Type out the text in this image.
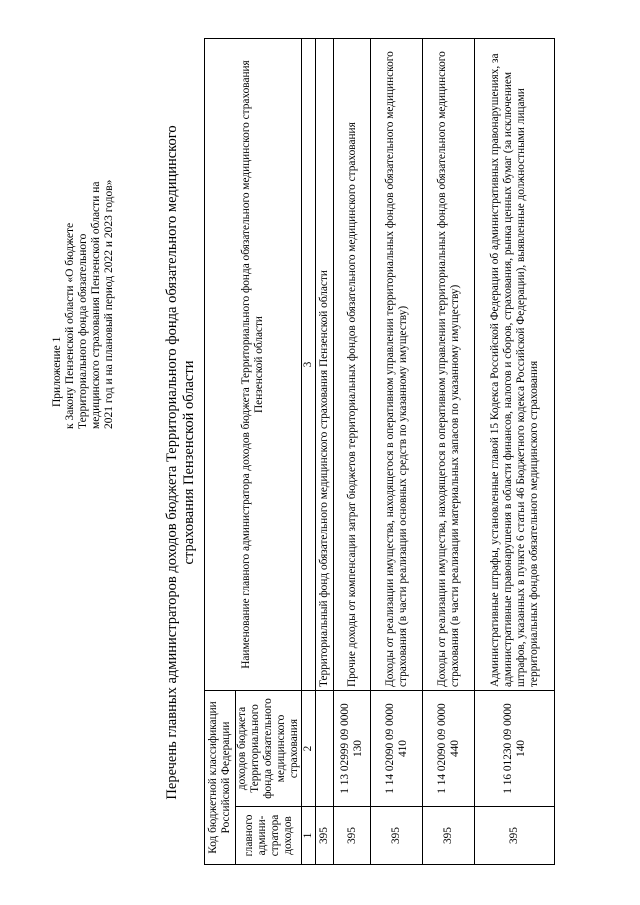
Приложение 1 к Закону Пензенской области «О бюджете Территориального фонда обязательного медицинского страхования Пензенской области на 2021 год и на плановый период 2022 и 2023 годов»	Перечень главных администраторов доходов бюджета Территориального фонда обязательного медицинского страхования Пензенской области
Код бюджетной классификации Российской Федерации		Наименование главного администратора доходов бюджета Территориального фонда обязательного медицинского страхования Пензенской области
главного админи-стратора доходов	доходов бюджета Территориального фонда обязательного медицинского страхования	
1	2	3
395		Территориальный фонд обязательного медицинского страхования Пензенской области
395	1 13 02999 09 0000 130	Прочие доходы от компенсации затрат бюджетов территориальных фондов обязательного медицинского страхования
395	1 14 02090 09 0000 410	Доходы от реализации имущества, находящегося в оперативном управлении территориальных фондов обязательного медицинского страхования (в части реализации основных средств по указанному имуществу)
395	1 14 02090 09 0000 440	Доходы от реализации имущества, находящегося в оперативном управлении территориальных фондов обязательного медицинского страхования (в части реализации материальных запасов по указанному имуществу)
395	1 16 01230 09 0000 140	Административные штрафы, установленные главой 15 Кодекса Российской Федерации об административных правонарушениях, за административные правонарушения в области финансов, налогов и сборов, страхования, рынка ценных бумаг (за исключением штрафов, указанных в пункте 6 статьи 46 Бюджетного кодекса Российской Федерации), выявленные должностными лицами территориальных фондов обязательного медицинского страхования
